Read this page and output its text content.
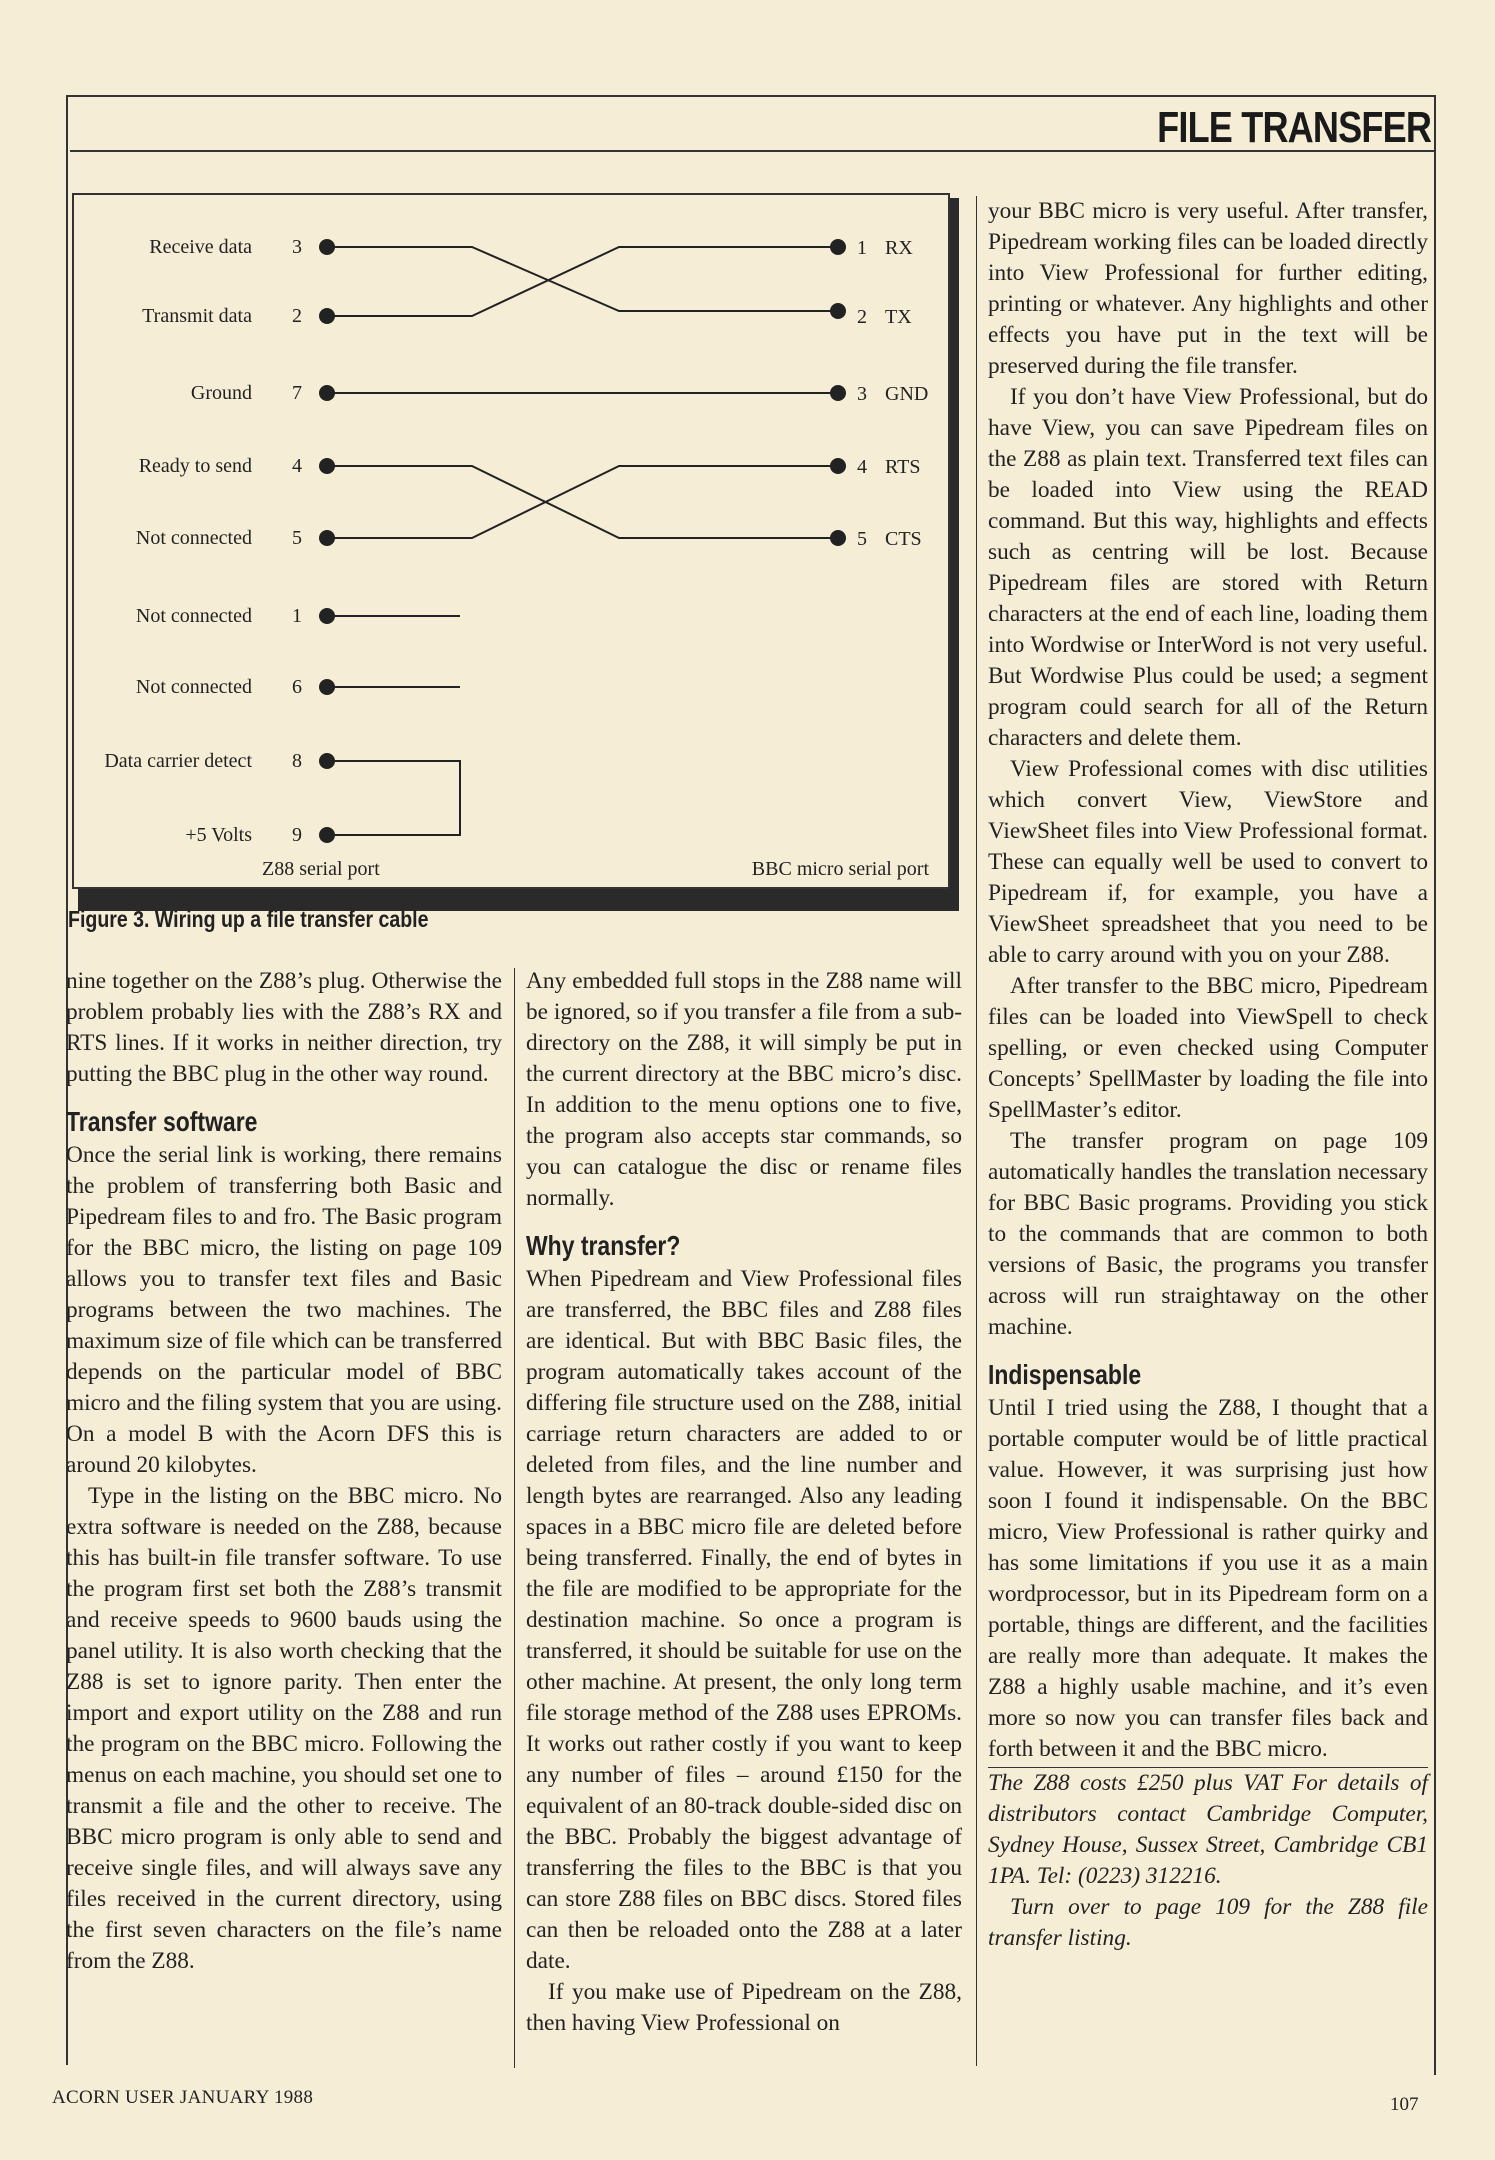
FILE TRANSFER
Receive data
Transmit data
Ground
Ready to send
Not connected
Not connected
Not connected
Data carrier detect
+5 Volts
3
2
7
4
5
1
6
8
9
1
2
3
4
5
RX
TX
GND
RTS
CTS
Z88 serial port	BBC micro serial port
Figure 3. Wiring up a file transfer cable

nine together on the Z88’s plug. Otherwise the problem probably lies with the Z88’s RX and RTS lines. If it works in neither direction, try putting the BBC plug in the other way round.

Transfer software

Once the serial link is working, there remains the problem of transferring both Basic and Pipedream files to and fro. The Basic program for the BBC micro, the listing on page 109 allows you to transfer text files and Basic programs between the two machines. The maximum size of file which can be transferred depends on the particular model of BBC micro and the filing system that you are using. On a model B with the Acorn DFS this is around 20 kilobytes.

Type in the listing on the BBC micro. No extra software is needed on the Z88, because this has built-in file transfer software. To use the program first set both the Z88’s transmit and receive speeds to 9600 bauds using the panel utility. It is also worth checking that the Z88 is set to ignore parity. Then enter the import and export utility on the Z88 and run the program on the BBC micro. Following the menus on each machine, you should set one to transmit a file and the other to receive. The BBC micro program is only able to send and receive single files, and will always save any files received in the current directory, using the first seven characters on the file’s name from the Z88.

Any embedded full stops in the Z88 name will be ignored, so if you transfer a file from a sub-directory on the Z88, it will simply be put in the current directory at the BBC micro’s disc. In addition to the menu options one to five, the program also accepts star commands, so you can catalogue the disc or rename files normally.

Why transfer?

When Pipedream and View Professional files are transferred, the BBC files and Z88 files are identical. But with BBC Basic files, the program automatically takes account of the differing file structure used on the Z88, initial carriage return characters are added to or deleted from files, and the line number and length bytes are rearranged. Also any leading spaces in a BBC micro file are deleted before being transferred. Finally, the end of bytes in the file are modified to be appropriate for the destination machine. So once a program is transferred, it should be suitable for use on the other machine. At present, the only long term file storage method of the Z88 uses EPROMs. It works out rather costly if you want to keep any number of files – around £150 for the equivalent of an 80-track double-sided disc on the BBC. Probably the biggest advantage of transferring the files to the BBC is that you can store Z88 files on BBC discs. Stored files can then be reloaded onto the Z88 at a later date.

If you make use of Pipedream on the Z88, then having View Professional on

your BBC micro is very useful. After transfer, Pipedream working files can be loaded directly into View Professional for further editing, printing or whatever. Any highlights and other effects you have put in the text will be preserved during the file transfer.

If you don’t have View Professional, but do have View, you can save Pipedream files on the Z88 as plain text. Transferred text files can be loaded into View using the READ command. But this way, highlights and effects such as centring will be lost. Because Pipedream files are stored with Return characters at the end of each line, loading them into Wordwise or InterWord is not very useful. But Wordwise Plus could be used; a segment program could search for all of the Return characters and delete them.

View Professional comes with disc utilities which convert View, ViewStore and ViewSheet files into View Professional format. These can equally well be used to convert to Pipedream if, for example, you have a ViewSheet spreadsheet that you need to be able to carry around with you on your Z88.

After transfer to the BBC micro, Pipedream files can be loaded into ViewSpell to check spelling, or even checked using Computer Concepts’ SpellMaster by loading the file into SpellMaster’s editor.

The transfer program on page 109 automatically handles the translation necessary for BBC Basic programs. Providing you stick to the commands that are common to both versions of Basic, the programs you transfer across will run straightaway on the other machine.

Indispensable

Until I tried using the Z88, I thought that a portable computer would be of little practical value. However, it was surprising just how soon I found it indispensable. On the BBC micro, View Professional is rather quirky and has some limitations if you use it as a main wordprocessor, but in its Pipedream form on a portable, things are different, and the facilities are really more than adequate. It makes the Z88 a highly usable machine, and it’s even more so now you can transfer files back and forth between it and the BBC micro.

The Z88 costs £250 plus VAT For details of distributors contact Cambridge Computer, Sydney House, Sussex Street, Cambridge CB1 1PA. Tel: (0223) 312216.

Turn over to page 109 for the Z88 file transfer listing.

ACORN USER JANUARY 1988	107
